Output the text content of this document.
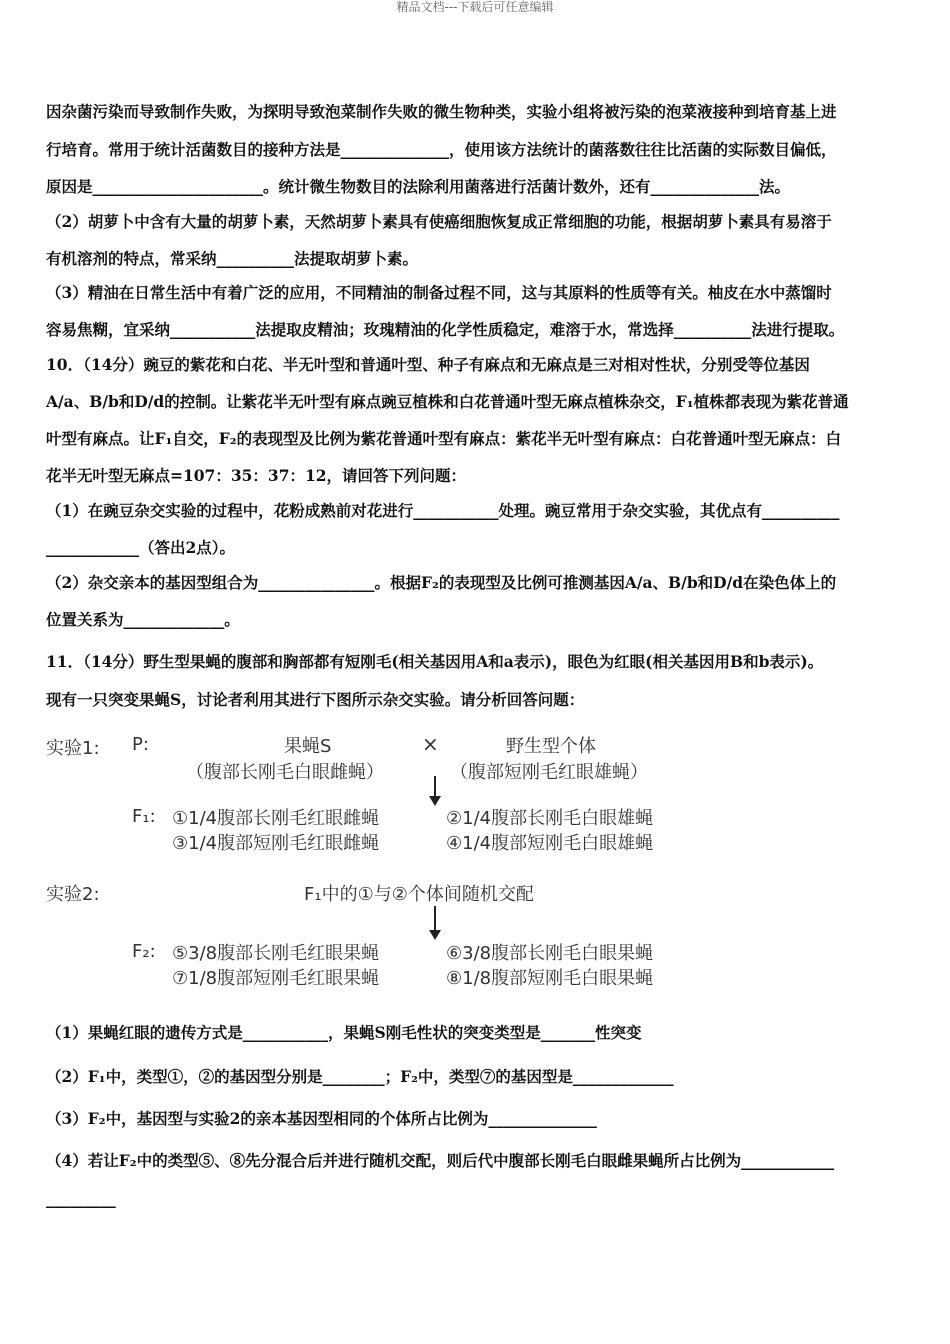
精品文档---下载后可任意编辑
因杂菌污染而导致制作失败，为探明导致泡菜制作失败的微生物种类，实验小组将被污染的泡菜液接种到培育基上进
行培育。常用于统计活菌数目的接种方法是______________，使用该方法统计的菌落数往往比活菌的实际数目偏低，
原因是______________________。统计微生物数目的法除利用菌落进行活菌计数外，还有______________法。
（2）胡萝卜中含有大量的胡萝卜素，天然胡萝卜素具有使癌细胞恢复成正常细胞的功能，根据胡萝卜素具有易溶于
有机溶剂的特点，常采纳__________法提取胡萝卜素。
（3）精油在日常生活中有着广泛的应用，不同精油的制备过程不同，这与其原料的性质等有关。柚皮在水中蒸馏时
容易焦糊，宜采纳___________法提取皮精油；玫瑰精油的化学性质稳定，难溶于水，常选择__________法进行提取。
10．（14分）豌豆的紫花和白花、半无叶型和普通叶型、种子有麻点和无麻点是三对相对性状，分别受等位基因
A/a、B/b和D/d的控制。让紫花半无叶型有麻点豌豆植株和白花普通叶型无麻点植株杂交，F₁植株都表现为紫花普通
叶型有麻点。让F₁自交，F₂的表现型及比例为紫花普通叶型有麻点：紫花半无叶型有麻点：白花普通叶型无麻点：白
花半无叶型无麻点=107：35：37：12，请回答下列问题：
（1）在豌豆杂交实验的过程中，花粉成熟前对花进行___________处理。豌豆常用于杂交实验，其优点有__________
____________（答出2点）。
（2）杂交亲本的基因型组合为_______________。根据F₂的表现型及比例可推测基因A/a、B/b和D/d在染色体上的
位置关系为_____________。
11．（14分）野生型果蝇的腹部和胸部都有短刚毛(相关基因用A和a表示)，眼色为红眼(相关基因用B和b表示)。
现有一只突变果蝇S，讨论者利用其进行下图所示杂交实验。请分析回答问题：
实验1: P:	果蝇S	×	野生型个体
（腹部长刚毛白眼雌蝇）	（腹部短刚毛红眼雄蝇）
F₁: ①1/4腹部长刚毛红眼雌蝇	②1/4腹部长刚毛白眼雄蝇
③1/4腹部短刚毛红眼雌蝇	④1/4腹部短刚毛白眼雄蝇
实验2:	F₁中的①与②个体间随机交配
F₂: ⑤3/8腹部长刚毛红眼果蝇	⑥3/8腹部长刚毛白眼果蝇
⑦1/8腹部短刚毛红眼果蝇	⑧1/8腹部短刚毛白眼果蝇
（1）果蝇红眼的遗传方式是___________，果蝇S刚毛性状的突变类型是_______性突变
（2）F₁中，类型①，②的基因型分别是________；F₂中，类型⑦的基因型是_____________
（3）F₂中，基因型与实验2的亲本基因型相同的个体所占比例为______________
（4）若让F₂中的类型⑤、⑧先分混合后并进行随机交配，则后代中腹部长刚毛白眼雌果蝇所占比例为____________
_________
